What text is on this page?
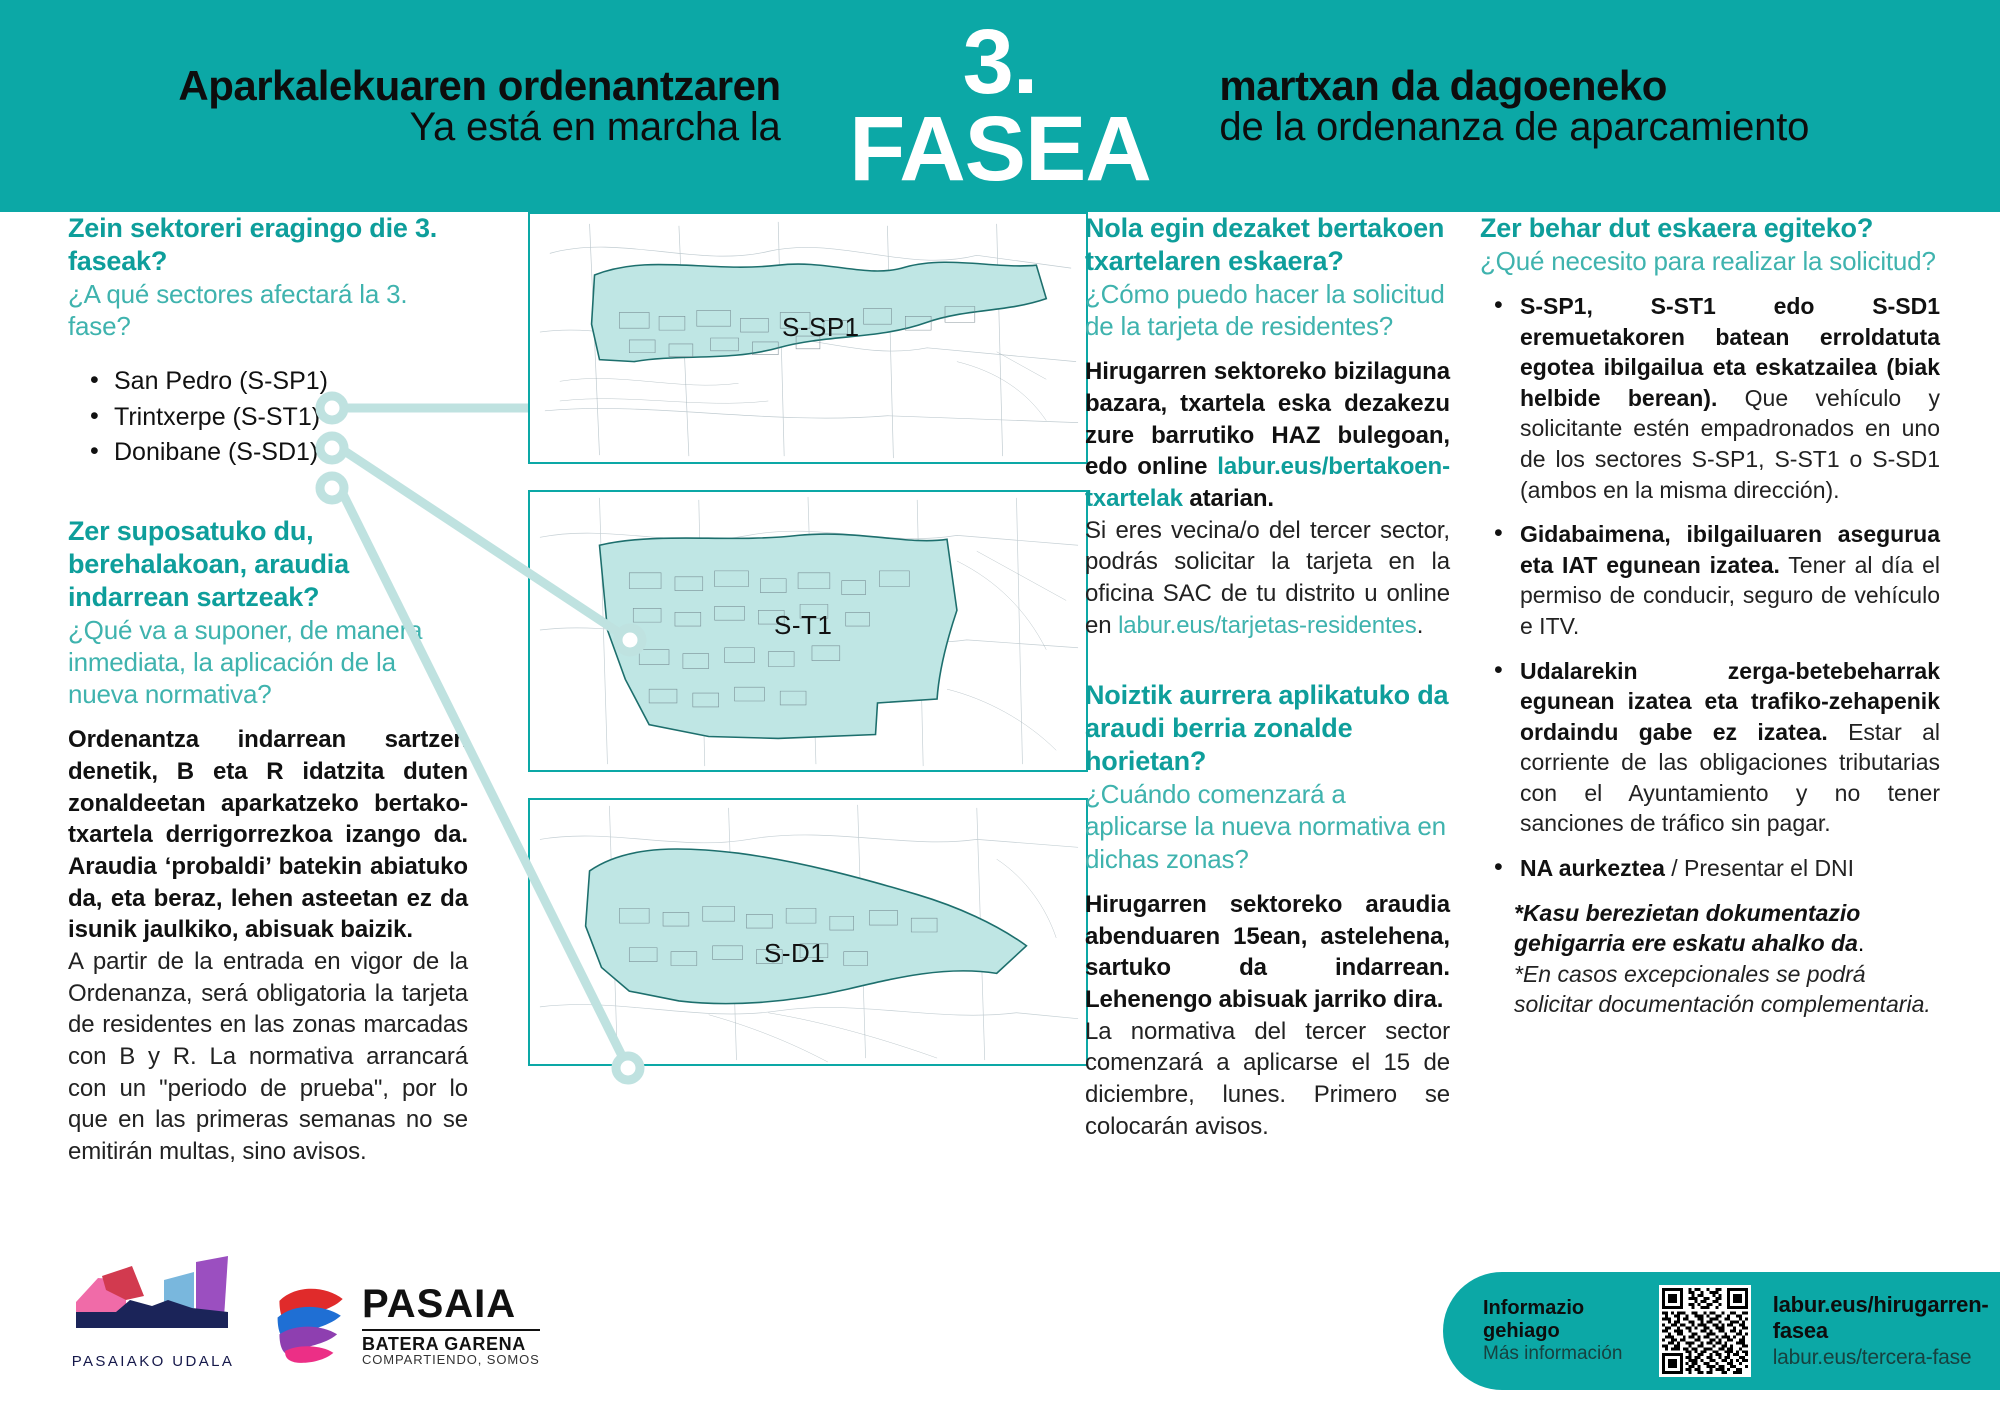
Aparkalekuaren ordenantzaren
Ya está en marcha la
3. FASEA
martxan da dagoeneko
de la ordenanza de aparcamiento
Zein sektoreri eragingo die 3. faseak?
¿A qué sectores afectará la 3. fase?
• San Pedro (S-SP1)
• Trintxerpe (S-ST1)
• Donibane (S-SD1)
Zer suposatuko du, berehalakoan, araudia indarrean sartzeak?
¿Qué va a suponer, de manera inmediata, la aplicación de la nueva normativa?
Ordenantza indarrean sartzen denetik, B eta R idatzita duten zonaldeetan aparkatzeko bertako-txartela derrigorrezkoa izango da. Araudia ‘probaldi’ batekin abiatuko da, eta beraz, lehen asteetan ez da isunik jaulkiko, abisuak baizik.
A partir de la entrada en vigor de la Ordenanza, será obligatoria la tarjeta de residentes en las zonas marcadas con B y R. La normativa arrancará con un "periodo de prueba", por lo que en las primeras semanas no se emitirán multas, sino avisos.
S-SP1
S-T1
S-D1
Nola egin dezaket bertakoen txartelaren eskaera?
¿Cómo puedo hacer la solicitud de la tarjeta de residentes?
Hirugarren sektoreko bizilaguna bazara, txartela eska dezakezu zure barrutiko HAZ bulegoan, edo online labur.eus/bertakoen-txartelak atarian.
Si eres vecina/o del tercer sector, podrás solicitar la tarjeta en la oficina SAC de tu distrito u online en labur.eus/tarjetas-residentes.
Noiztik aurrera aplikatuko da araudi berria zonalde horietan?
¿Cuándo comenzará a aplicarse la nueva normativa en dichas zonas?
Hirugarren sektoreko araudia abenduaren 15ean, astelehena, sartuko da indarrean. Lehenengo abisuak jarriko dira.
La normativa del tercer sector comenzará a aplicarse el 15 de diciembre, lunes. Primero se colocarán avisos.
Zer behar dut eskaera egiteko?
¿Qué necesito para realizar la solicitud?
• S-SP1, S-ST1 edo S-SD1 eremuetakoren batean erroldatuta egotea ibilgailua eta eskatzailea (biak helbide berean). Que vehículo y solicitante estén empadronados en uno de los sectores S-SP1, S-ST1 o S-SD1 (ambos en la misma dirección).
• Gidabaimena, ibilgailuaren asegurua eta IAT egunean izatea. Tener al día el permiso de conducir, seguro de vehículo e ITV.
• Udalarekin zerga-betebeharrak egunean izatea eta trafiko-zehapenik ordaindu gabe ez izatea. Estar al corriente de las obligaciones tributarias con el Ayuntamiento y no tener sanciones de tráfico sin pagar.
• NA aurkeztea / Presentar el DNI
*Kasu berezietan dokumentazio gehigarria ere eskatu ahalko da.
*En casos excepcionales se podrá solicitar documentación complementaria.
PASAIAKO UDALA
PASAIA
BATERA GARENA
COMPARTIENDO, SOMOS
Informazio gehiago
Más información
labur.eus/hirugarren-fasea
labur.eus/tercera-fase
